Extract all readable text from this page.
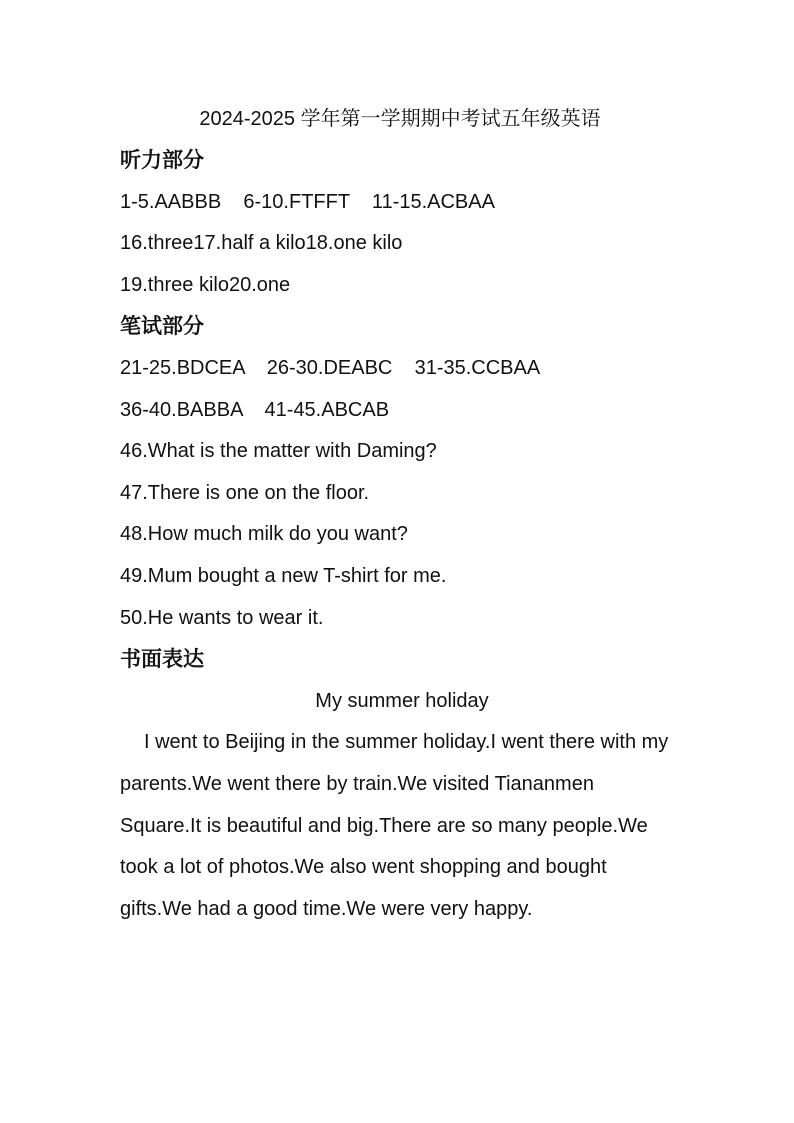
2024-2025 学年第一学期期中考试五年级英语
听力部分
1-5.AABBB    6-10.FTFFT    11-15.ACBAA
16.three17.half a kilo18.one kilo
19.three kilo20.one
笔试部分
21-25.BDCEA    26-30.DEABC    31-35.CCBAA
36-40.BABBA    41-45.ABCAB
46.What is the matter with Daming?
47.There is one on the floor.
48.How much milk do you want?
49.Mum bought a new T-shirt for me.
50.He wants to wear it.
书面表达
My summer holiday

I went to Beijing in the summer holiday.I went there with my parents.We went there by train.We visited Tiananmen Square.It is beautiful and big.There are so many people.We took a lot of photos.We also went shopping and bought gifts.We had a good time.We were very happy.
